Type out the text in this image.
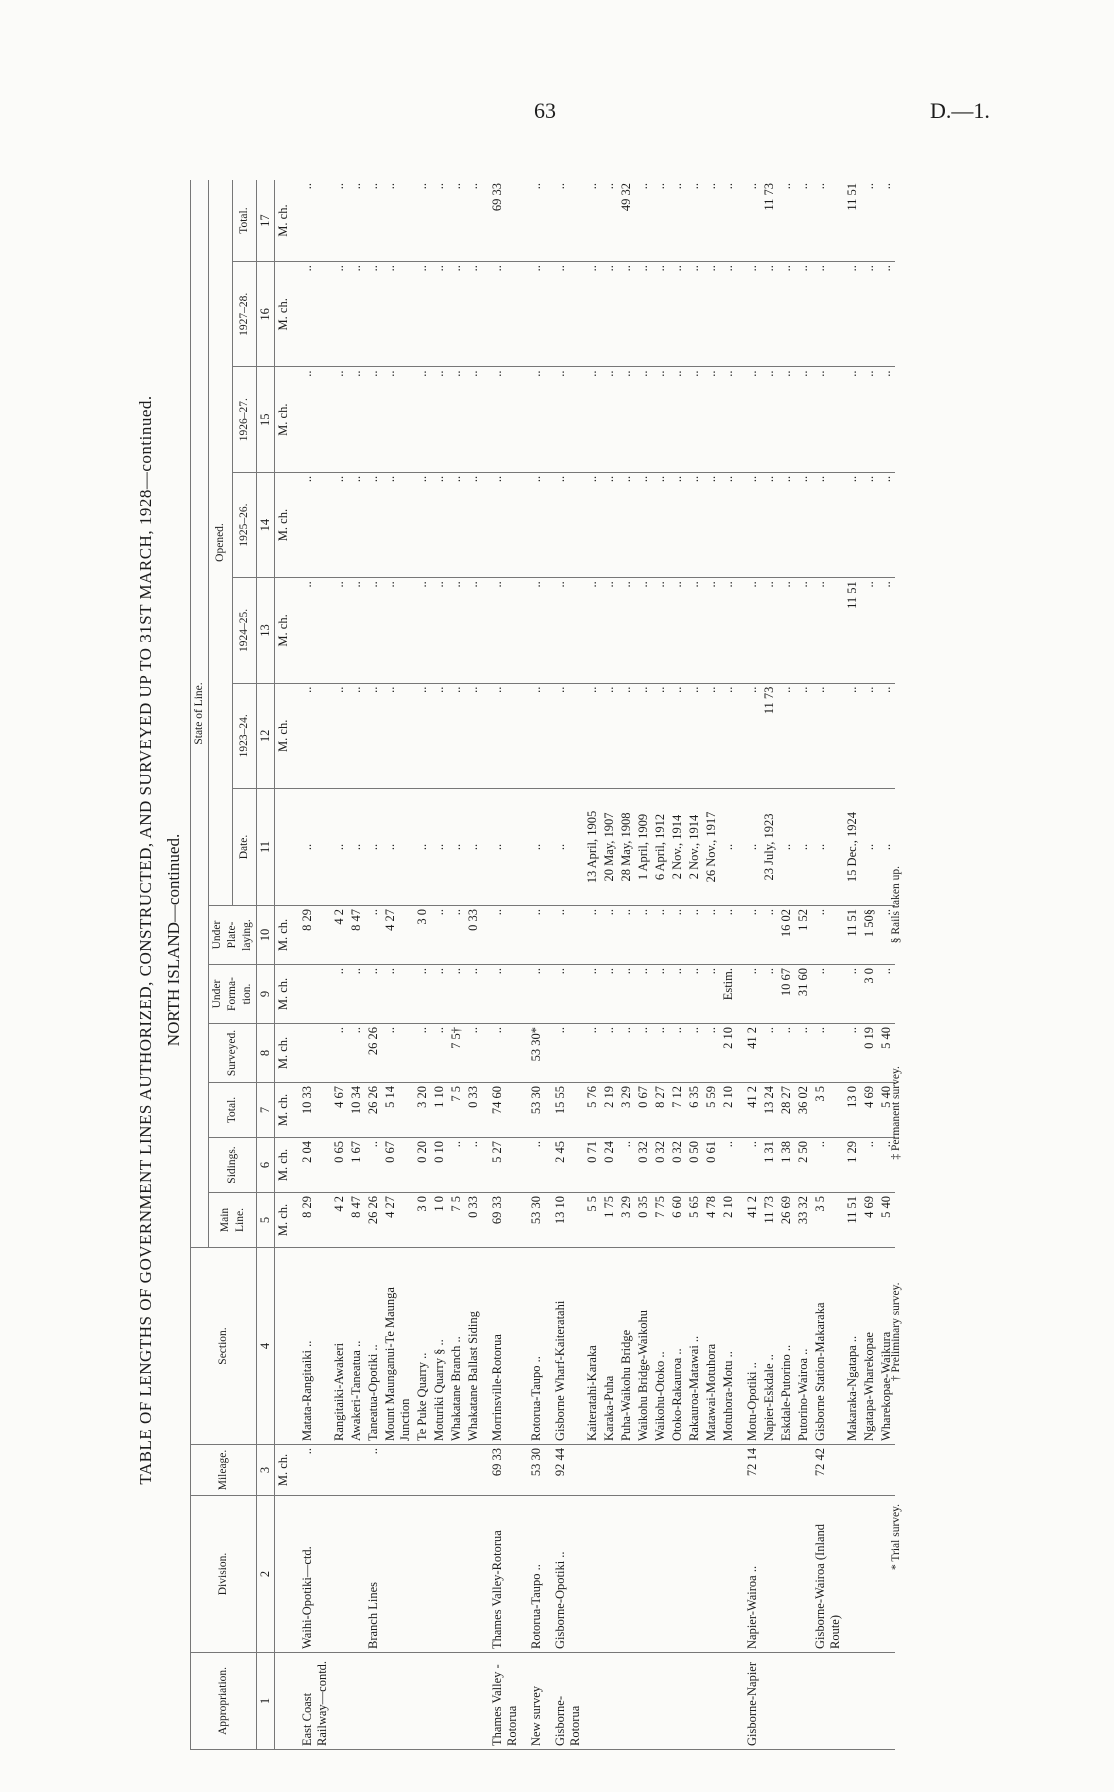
63	D.—1.
TABLE OF LENGTHS OF GOVERNMENT LINES AUTHORIZED, CONSTRUCTED, AND SURVEYED UP TO 31ST MARCH, 1928—continued. NORTH ISLAND—continued.
Appropriation.	Division.	Mileage.	Section.	State of Line.												
				Main Line.	Sidings.	Total.	Surveyed.	Under Forma-tion.	Under Plate-laying.	Opened.						
										Date.	1923–24.	1924–25.	1925–26.	1926–27.	1927–28.	Total.
1	2	3	4	5	6	7	8	9	10	11	12	13	14	15	16	17
		M. ch.		M. ch.	M. ch.	M. ch.	M. ch.	M. ch.	M. ch.		M. ch.	M. ch.	M. ch.	M. ch.	M. ch.	M. ch.
East Coast Railway—contd.	Waihi-Opotiki—ctd.	..	Matata-Rangitaiki ..	8 29	2 04	10 33			8 29	..	..	..	..	..	..	..
			Rangitaiki-Awakeri	4 2	0 65	4 67	..	..	4 2	..	..	..	..	..	..	..
			Awakeri-Taneatua ..	8 47	1 67	10 34	..	..	8 47	..	..	..	..	..	..	..
	Branch Lines	..	Taneatua-Opotiki ..	26 26	..	26 26	26 26	..	..	..	..	..	..	..	..	..
			Mount Maunganui-Te Maunga Junction	4 27	0 67	5 14	..	..	4 27	..	..	..	..	..	..	..
			Te Puke Quarry ..	3 0	0 20	3 20	..	..	3 0	..	..	..	..	..	..	..
			Moturiki Quarry § ..	1 0	0 10	1 10	..	..	..	..	..	..	..	..	..	..
			Whakatane Branch ..	7 5	..	7 5	7 5†	..	..	..	..	..	..	..	..	..
			Whakatane Ballast Siding	0 33	..	0 33	..	..	0 33	..	..	..	..	..	..	..
Thames Valley - Rotorua	Thames Valley-Rotorua	69 33	Morrinsville-Rotorua	69 33	5 27	74 60	..	..	..	..	..	..	..	..	..	69 33
New survey	Rotorua-Taupo ..	53 30	Rotorua-Taupo ..	53 30	..	53 30	53 30*	..	..	..	..	..	..	..	..	..
Gisborne-Rotorua	Gisborne-Opotiki ..	92 44	Gisborne Wharf-Kaiteratahi	13 10	2 45	15 55	..	..	..	..	..	..	..	..	..	..
			Kaiteratahi-Karaka	5 5	0 71	5 76	..	..	..	13 April, 1905	..	..	..	..	..	..
			Karaka-Puha	1 75	0 24	2 19	..	..	..	20 May, 1907	..	..	..	..	..	..
			Puha-Waikohu Bridge	3 29	..	3 29	..	..	..	28 May, 1908	..	..	..	..	..	49 32
			Waikohu Bridge-Waikohu	0 35	0 32	0 67	..	..	..	1 April, 1909	..	..	..	..	..	..
			Waikohu-Otoko ..	7 75	0 32	8 27	..	..	..	6 April, 1912	..	..	..	..	..	..
			Otoko-Rakauroa ..	6 60	0 32	7 12	..	..	..	2 Nov., 1914	..	..	..	..	..	..
			Rakauroa-Matawai ..	5 65	0 50	6 35	..	..	..	2 Nov., 1914	..	..	..	..	..	..
			Matawai-Motuhora	4 78	0 61	5 59	..	..	..	26 Nov., 1917	..	..	..	..	..	..
			Motuhora-Motu ..	2 10	..	2 10	2 10	Estim.	..	..	..	..	..	..	..	..
Gisborne-Napier	Napier-Wairoa ..	72 14	Motu-Opotiki ..	41 2	..	41 2	41 2	..	..	..	..	..	..	..	..	..
			Napier-Eskdale ..	11 73	1 31	13 24	..	..	..	23 July, 1923	11 73	..	..	..	..	11 73
			Eskdale-Putorino ..	26 69	1 38	28 27	..	10 67	16 02	..	..	..	..	..	..	..
			Putorino-Wairoa ..	33 32	2 50	36 02	..	31 60	1 52	..	..	..	..	..	..	..
	Gisborne-Wairoa (Inland Route)	72 42	Gisborne Station-Makaraka	3 5	..	3 5	..	..	..	..	..	..	..	..	..	..
			Makaraka-Ngatapa ..	11 51	1 29	13 0	..	..	11 51	15 Dec., 1924	..	11 51	..	..	..	11 51
			Ngatapa-Wharekopae	4 69	..	4 69	0 19	3 0	1 50§	..	..	..	..	..	..	..
			Wharekopae-Waikura	5 40	..	5 40	5 40	..	..	..	..	..	..	..	..	..
* Trial survey. † Preliminary survey. ‡ Permanent survey. § Rails taken up.
